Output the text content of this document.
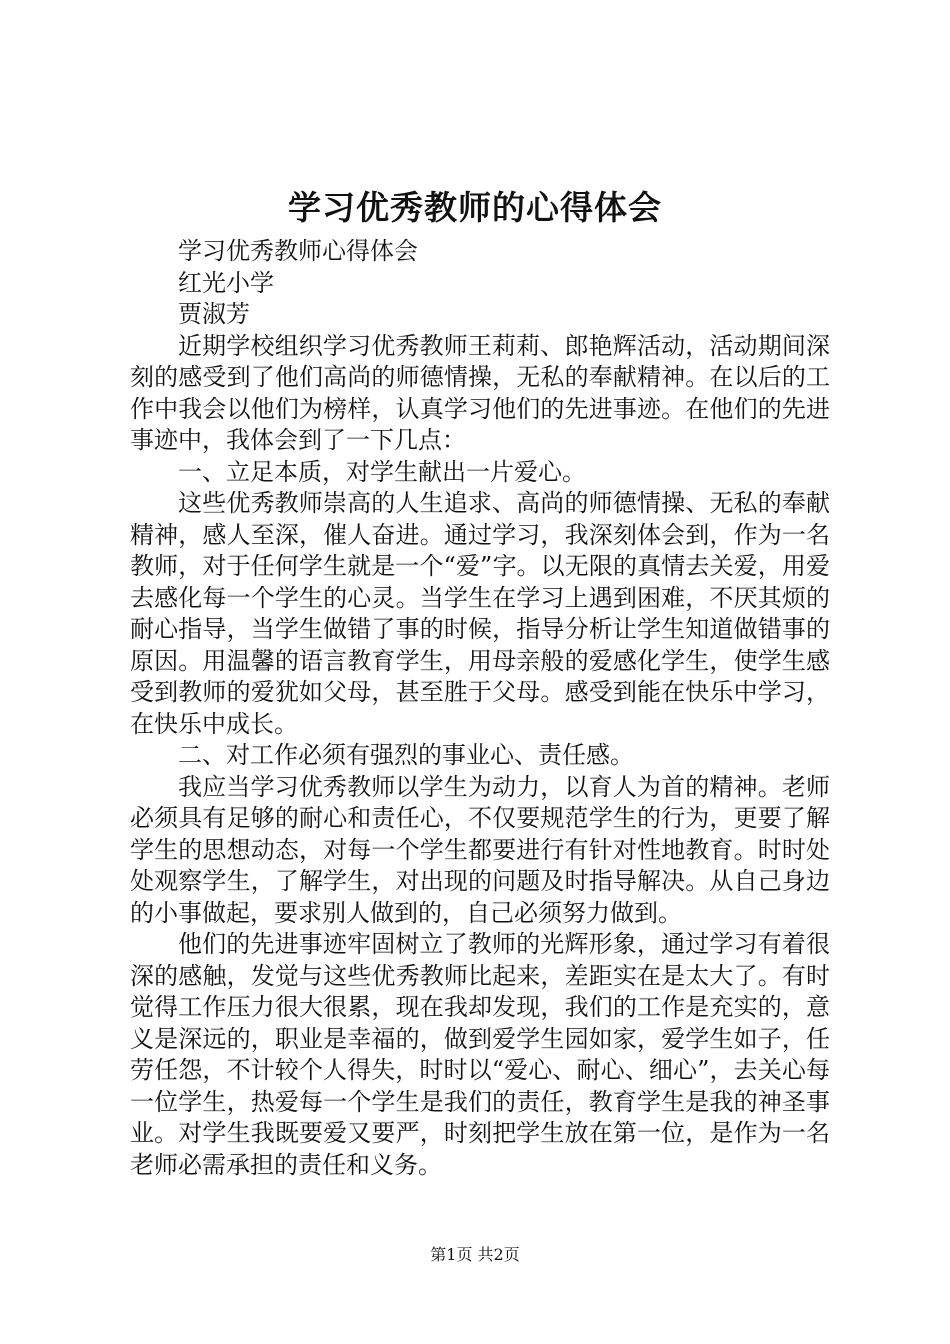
学习优秀教师的心得体会

学习优秀教师心得体会

红光小学

贾淑芳

近期学校组织学习优秀教师王莉莉、郎艳辉活动，活动期间深刻的感受到了他们高尚的师德情操，无私的奉献精神。在以后的工作中我会以他们为榜样，认真学习他们的先进事迹。在他们的先进事迹中，我体会到了一下几点：

一、立足本质，对学生献出一片爱心。

这些优秀教师崇高的人生追求、高尚的师德情操、无私的奉献精神，感人至深，催人奋进。通过学习，我深刻体会到，作为一名教师，对于任何学生就是一个“爱”字。以无限的真情去关爱，用爱去感化每一个学生的心灵。当学生在学习上遇到困难，不厌其烦的耐心指导，当学生做错了事的时候，指导分析让学生知道做错事的原因。用温馨的语言教育学生，用母亲般的爱感化学生，使学生感受到教师的爱犹如父母，甚至胜于父母。感受到能在快乐中学习，在快乐中成长。

二、对工作必须有强烈的事业心、责任感。

我应当学习优秀教师以学生为动力，以育人为首的精神。老师必须具有足够的耐心和责任心，不仅要规范学生的行为，更要了解学生的思想动态，对每一个学生都要进行有针对性地教育。时时处处观察学生，了解学生，对出现的问题及时指导解决。从自己身边的小事做起，要求别人做到的，自己必须努力做到。

他们的先进事迹牢固树立了教师的光辉形象，通过学习有着很深的感触，发觉与这些优秀教师比起来，差距实在是太大了。有时觉得工作压力很大很累，现在我却发现，我们的工作是充实的，意义是深远的，职业是幸福的，做到爱学生园如家，爱学生如子，任劳任怨，不计较个人得失，时时以“爱心、耐心、细心”，去关心每一位学生，热爱每一个学生是我们的责任，教育学生是我的神圣事业。对学生我既要爱又要严，时刻把学生放在第一位，是作为一名老师必需承担的责任和义务。

第1页 共2页
